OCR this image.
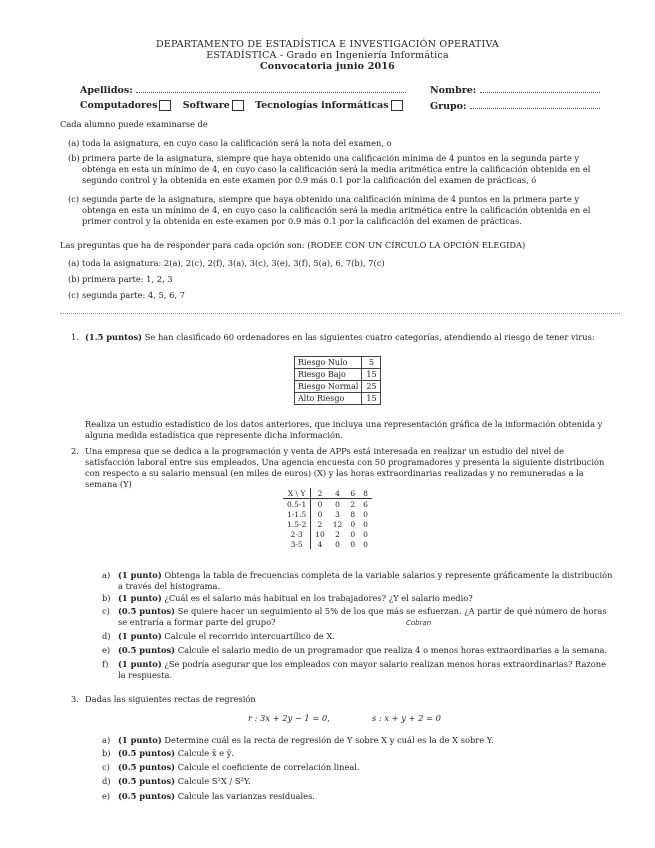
DEPARTAMENTO DE ESTADÍSTICA E INVESTIGACIÓN OPERATIVA
ESTADÍSTICA - Grado en Ingeniería Informática
Convocatoria junio 2016
Apellidos:	Nombre:
Computadores	Software	Tecnologías informáticas	Grupo:
Cada alumno puede examinarse de
(a) toda la asignatura, en cuyo caso la calificación será la nota del examen, o
(b) primera parte de la asignatura, siempre que haya obtenido una calificación mínima de 4 puntos en la segunda parte y obtenga en esta un mínimo de 4, en cuyo caso la calificación será la media aritmética entre la calificación obtenida en el segundo control y la obtenida en este examen por 0.9 más 0.1 por la calificación del examen de prácticas, ó
(c) segunda parte de la asignatura, siempre que haya obtenido una calificación mínima de 4 puntos en la primera parte y obtenga en esta un mínimo de 4, en cuyo caso la calificación será la media aritmética entre la calificación obtenida en el primer control y la obtenida en este examen por 0.9 más 0.1 por la calificación del examen de prácticas.
Las preguntas que ha de responder para cada opción son: (RODEE CON UN CÍRCULO LA OPCIÓN ELEGIDA)
(a) toda la asignatura: 2(a), 2(c), 2(f), 3(a), 3(c), 3(e), 3(f), 5(a), 6, 7(b), 7(c)
(b) primera parte: 1, 2, 3
(c) segunda parte: 4, 5, 6, 7
1. (1.5 puntos) Se han clasificado 60 ordenadores en las siguientes cuatro categorías, atendiendo al riesgo de tener virus:
Riesgo Nulo	5
Riesgo Bajo	15
Riesgo Normal	25
Alto Riesgo	15
Realiza un estudio estadístico de los datos anteriores, que incluya una representación gráfica de la información obtenida y alguna medida estadística que represente dicha información.
2. Una empresa que se dedica a la programación y venta de APPs está interesada en realizar un estudio del nivel de satisfacción laboral entre sus empleados. Una agencia encuesta con 50 programadores y presenta la siguiente distribución con respecto a su salario mensual (en miles de euros) (X) y las horas extraordinarias realizadas y no remuneradas a la semana (Y)
X \ Y	2	4	6	8
0.5-1	0	0	2	6
1-1.5	0	3	8	0
1.5-2	2	12	0	0
2-3	10	2	0	0
3-5	4	0	0	0
a) (1 punto) Obtenga la tabla de frecuencias completa de la variable salarios y represente gráficamente la distribución a través del histograma.
b) (1 punto) ¿Cuál es el salario más habitual en los trabajadores? ¿Y el salario medio?
c) (0.5 puntos) Se quiere hacer un seguimiento al 5% de los que más se esfuerzan. ¿A partir de qué número de horas se entraría a formar parte del grupo?	Cobran
d) (1 punto) Calcule el recorrido intercuartílico de X.
e) (0.5 puntos) Calcule el salario medio de un programador que realiza 4 o menos horas extraordinarias a la semana.
f) (1 punto) ¿Se podría asegurar que los empleados con mayor salario realizan menos horas extraordinarias? Razone la respuesta.
3. Dadas las siguientes rectas de regresión
r : 3x + 2y − 1 = 0,	s : x + y + 2 = 0
a) (1 punto) Determine cuál es la recta de regresión de Y sobre X y cuál es la de X sobre Y.
b) (0.5 puntos) Calcule x̄ e ȳ.
c) (0.5 puntos) Calcule el coeficiente de correlación lineal.
d) (0.5 puntos) Calcule S²X / S²Y.
e) (0.5 puntos) Calcule las varianzas residuales.
